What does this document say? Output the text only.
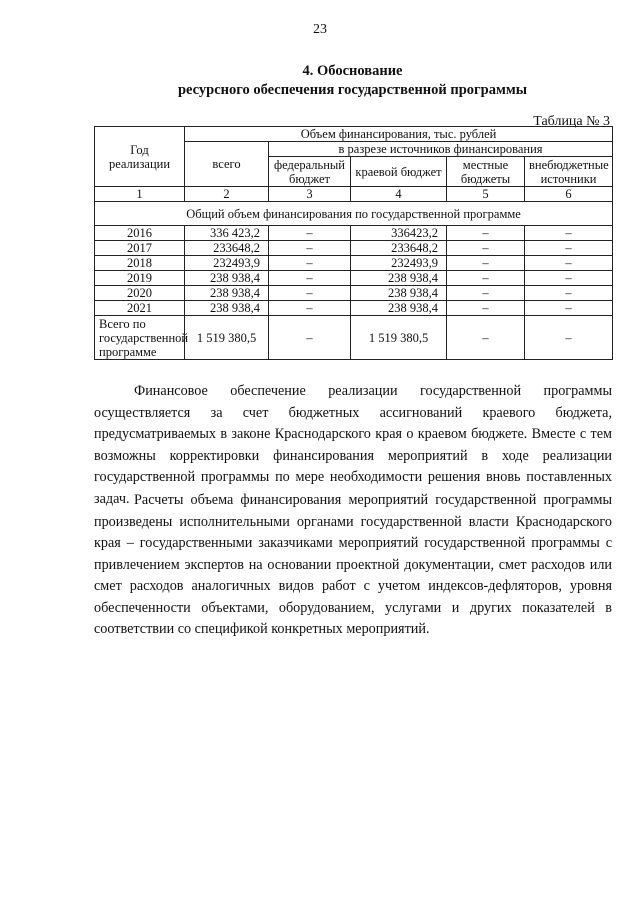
23
4. Обоснование
ресурсного обеспечения государственной программы
Таблица № 3
Год реализации	Объем финансирования, тыс. рублей				
	всего	в разрезе источников финансирования			
		федеральный бюджет	краевой бюджет	местные бюджеты	внебюджетные источники
1	2	3	4	5	6
Общий объем финансирования по государственной программе					
2016	336 423,2	–	336423,2	–	–
2017	233648,2	–	233648,2	–	–
2018	232493,9	–	232493,9	–	–
2019	238 938,4	–	238 938,4	–	–
2020	238 938,4	–	238 938,4	–	–
2021	238 938,4	–	238 938,4	–	–
Всего по государственной программе	1 519 380,5	–	1 519 380,5	–	–

Финансовое обеспечение реализации государственной программы осуществляется за счет бюджетных ассигнований краевого бюджета, предусматриваемых в законе Краснодарского края о краевом бюджете. Вместе с тем возможны корректировки финансирования мероприятий в ходе реализации государственной программы по мере необходимости решения вновь поставленных задач. Расчеты объема финансирования мероприятий государственной программы произведены исполнительными органами государственной власти Краснодарского края – государственными заказчиками мероприятий государственной программы с привлечением экспертов на основании проектной документации, смет расходов или смет расходов аналогичных видов работ с учетом индексов-дефляторов, уровня обеспеченности объектами, оборудованием, услугами и других показателей в соответствии со спецификой конкретных мероприятий.
